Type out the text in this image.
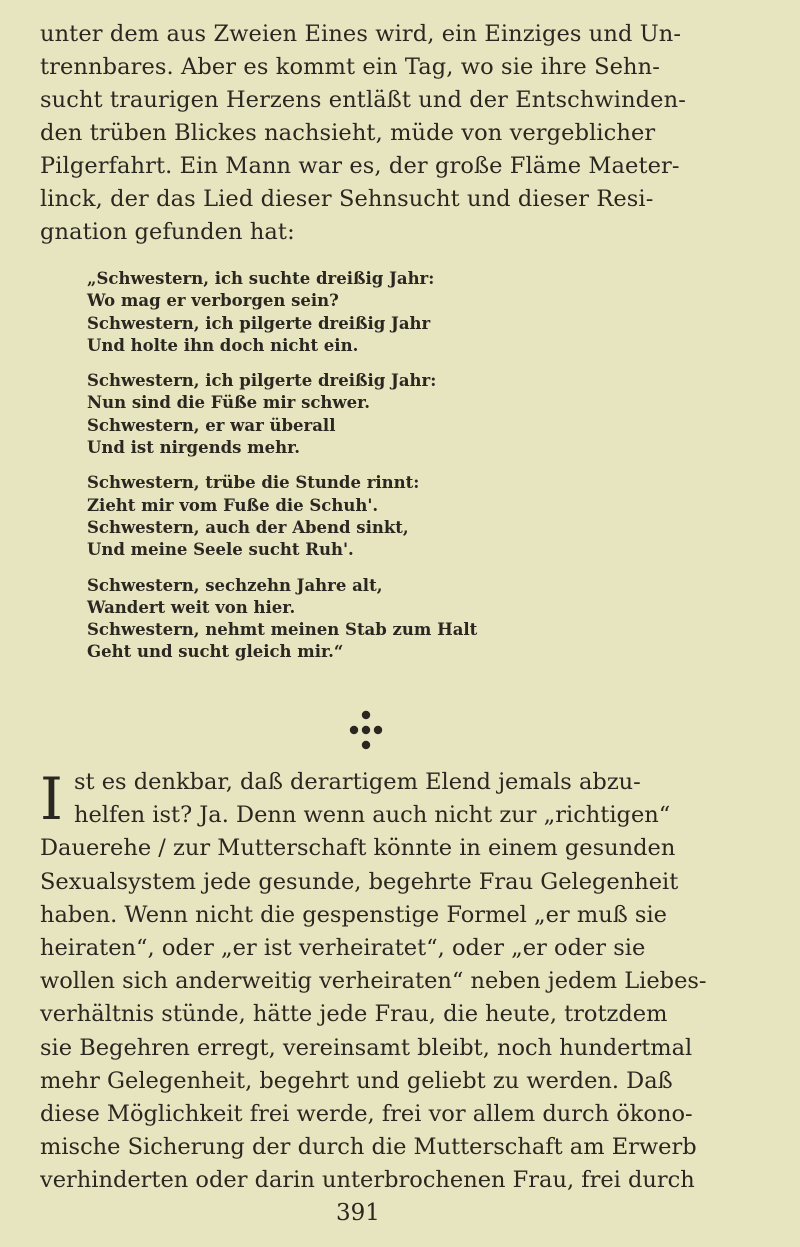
unter dem aus Zweien Eines wird, ein Einziges und Un-
trennbares. Aber es kommt ein Tag, wo sie ihre Sehn-
sucht traurigen Herzens entläßt und der Entschwinden-
den trüben Blickes nachsieht, müde von vergeblicher
Pilgerfahrt. Ein Mann war es, der große Fläme Maeter-
linck, der das Lied dieser Sehnsucht und dieser Resi-
gnation gefunden hat:
„Schwestern, ich suchte dreißig Jahr:
Wo mag er verborgen sein?
Schwestern, ich pilgerte dreißig Jahr
Und holte ihn doch nicht ein.
Schwestern, ich pilgerte dreißig Jahr:
Nun sind die Füße mir schwer.
Schwestern, er war überall
Und ist nirgends mehr.
Schwestern, trübe die Stunde rinnt:
Zieht mir vom Fuße die Schuh'.
Schwestern, auch der Abend sinkt,
Und meine Seele sucht Ruh'.
Schwestern, sechzehn Jahre alt,
Wandert weit von hier.
Schwestern, nehmt meinen Stab zum Halt
Geht und sucht gleich mir.“
I st es denkbar, daß derartigem Elend jemals abzu-
helfen ist? Ja. Denn wenn auch nicht zur „richtigen“
Dauerehe / zur Mutterschaft könnte in einem gesunden
Sexualsystem jede gesunde, begehrte Frau Gelegenheit
haben. Wenn nicht die gespenstige Formel „er muß sie
heiraten“, oder „er ist verheiratet“, oder „er oder sie
wollen sich anderweitig verheiraten“ neben jedem Liebes-
verhältnis stünde, hätte jede Frau, die heute, trotzdem
sie Begehren erregt, vereinsamt bleibt, noch hundertmal
mehr Gelegenheit, begehrt und geliebt zu werden. Daß
diese Möglichkeit frei werde, frei vor allem durch ökono-
mische Sicherung der durch die Mutterschaft am Erwerb
verhinderten oder darin unterbrochenen Frau, frei durch
391
